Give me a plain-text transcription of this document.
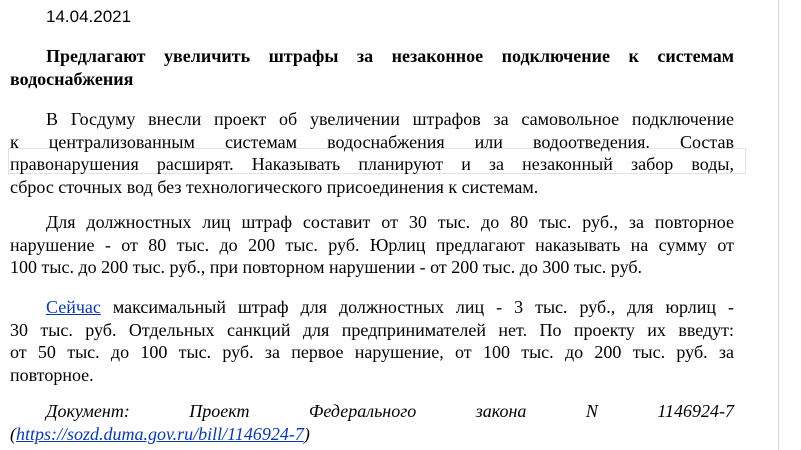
14.04.2021
Предлагают увеличить штрафы за незаконное подключение к системам
водоснабжения
В Госдуму внесли проект об увеличении штрафов за самовольное подключение
к централизованным системам водоснабжения или водоотведения. Состав
правонарушения расширят. Наказывать планируют и за незаконный забор воды,
сброс сточных вод без технологического присоединения к системам.
Для должностных лиц штраф составит от 30 тыс. до 80 тыс. руб., за повторное
нарушение - от 80 тыс. до 200 тыс. руб. Юрлиц предлагают наказывать на сумму от
100 тыс. до 200 тыс. руб., при повторном нарушении - от 200 тыс. до 300 тыс. руб.
Сейчас максимальный штраф для должностных лиц - 3 тыс. руб., для юрлиц -
30 тыс. руб. Отдельных санкций для предпринимателей нет. По проекту их введут:
от 50 тыс. до 100 тыс. руб. за первое нарушение, от 100 тыс. до 200 тыс. руб. за
повторное.
Документ: Проект Федерального закона N 1146924-7
(https://sozd.duma.gov.ru/bill/1146924-7)
